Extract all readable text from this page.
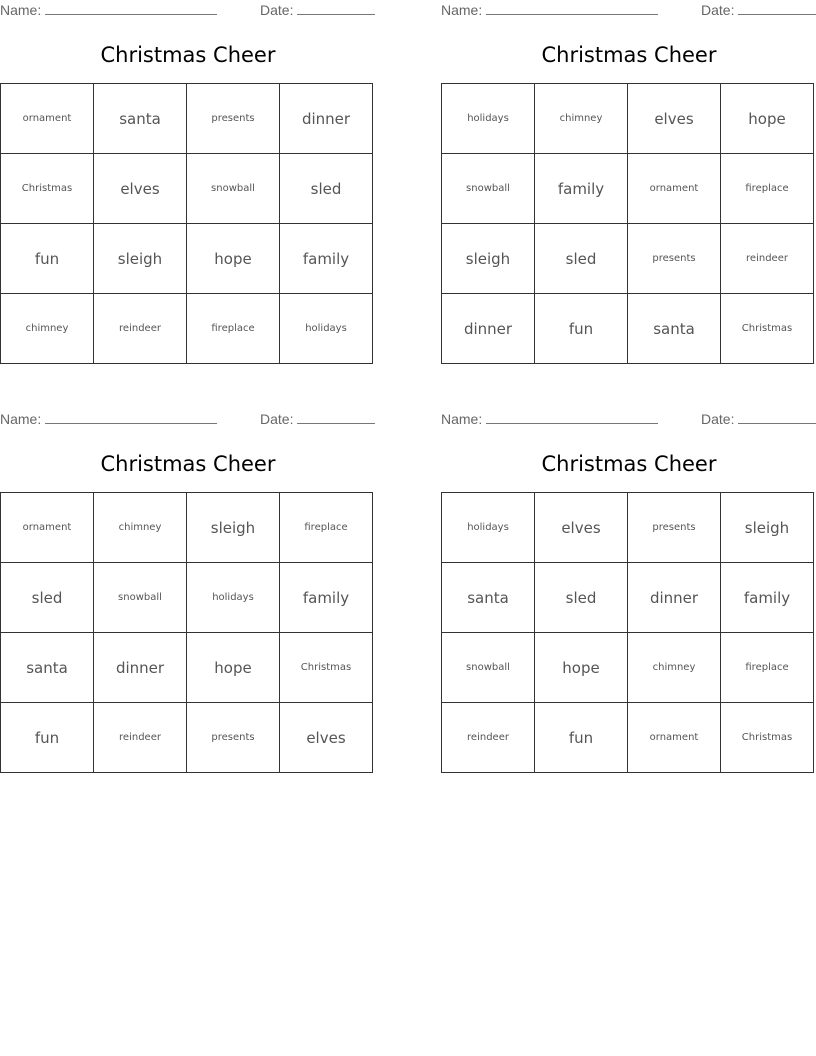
Name:	Date:
Christmas Cheer
ornament	santa	presents	dinner
Christmas	elves	snowball	sled
fun	sleigh	hope	family
chimney	reindeer	fireplace	holidays
Name:	Date:
Christmas Cheer
holidays	chimney	elves	hope
snowball	family	ornament	fireplace
sleigh	sled	presents	reindeer
dinner	fun	santa	Christmas
Name:	Date:
Christmas Cheer
ornament	chimney	sleigh	fireplace
sled	snowball	holidays	family
santa	dinner	hope	Christmas
fun	reindeer	presents	elves
Name:	Date:
Christmas Cheer
holidays	elves	presents	sleigh
santa	sled	dinner	family
snowball	hope	chimney	fireplace
reindeer	fun	ornament	Christmas
